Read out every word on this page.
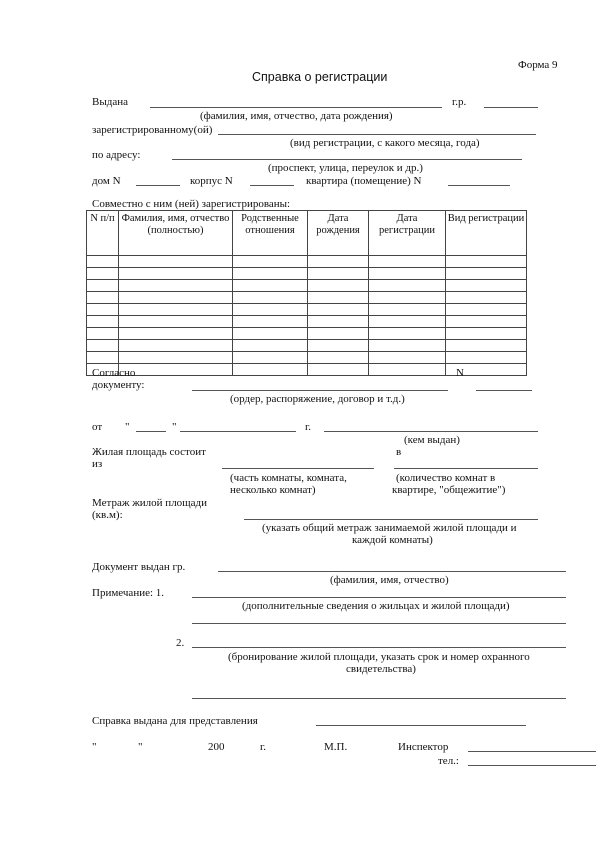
Форма 9
Справка о регистрации
Выдана	г.р.
(фамилия, имя, отчество, дата рождения)
зарегистрированному(ой)
(вид регистрации, с какого месяца, года)
по адресу:
(проспект, улица, переулок и др.)
дом N	корпус N	квартира (помещение) N
Совместно с ним (ней) зарегистрированы:
N п/п	Фамилия, имя, отчество (полностью)	Родственные отношения	Дата рождения	Дата регистрации	Вид регистрации

Согласно
документу:
N
(ордер, распоряжение, договор и т.д.)
от "	"	г.
(кем выдан)
Жилая площадь состоит
из
в
(часть комнаты, комната,
несколько комнат)
(количество комнат в
квартире, "общежитие")
Метраж жилой площади
(кв.м):
(указать общий метраж занимаемой жилой площади и
каждой комнаты)
Документ выдан гр.
(фамилия, имя, отчество)
Примечание: 1.
(дополнительные сведения о жильцах и жилой площади)
2.
(бронирование жилой площади, указать срок и номер охранного
свидетельства)
Справка выдана для представления
"	"	200	г.	М.П.	Инспектор
тел.:
